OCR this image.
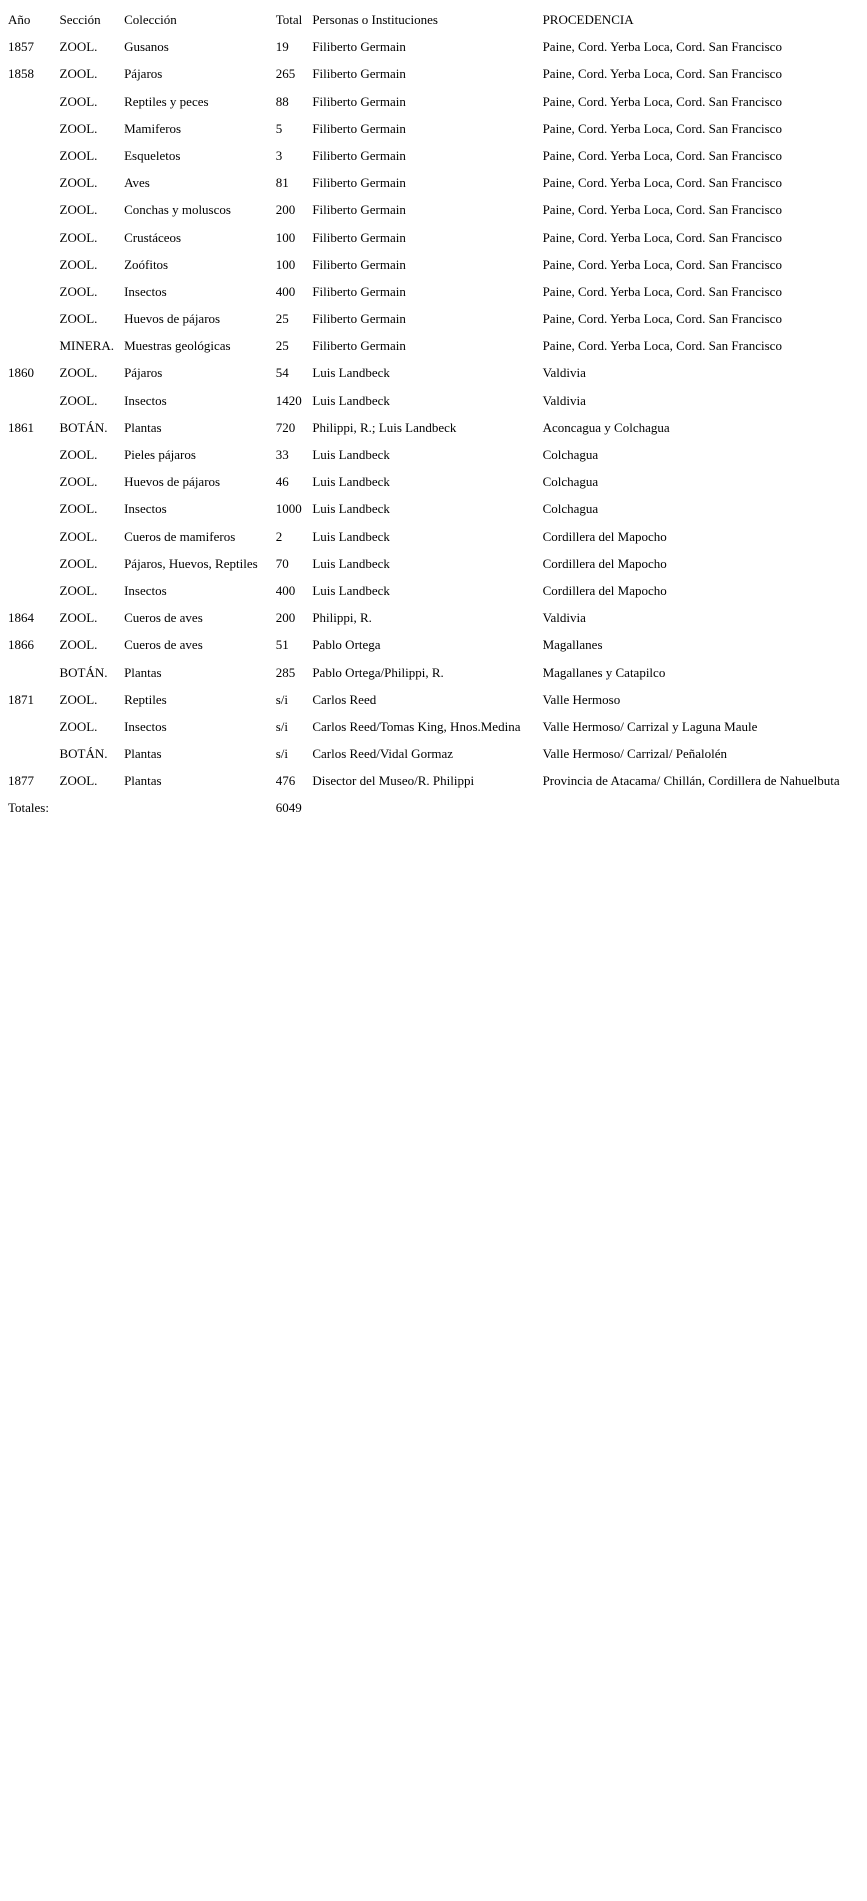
Año	Sección	Colección	Total	Personas o Instituciones	PROCEDENCIA
1857	ZOOL.	Gusanos	19	Filiberto Germain	Paine, Cord. Yerba Loca, Cord. San Francisco
1858	ZOOL.	Pájaros	265	Filiberto Germain	Paine, Cord. Yerba Loca, Cord. San Francisco
	ZOOL.	Reptiles y peces	88	Filiberto Germain	Paine, Cord. Yerba Loca, Cord. San Francisco
	ZOOL.	Mamiferos	5	Filiberto Germain	Paine, Cord. Yerba Loca, Cord. San Francisco
	ZOOL.	Esqueletos	3	Filiberto Germain	Paine, Cord. Yerba Loca, Cord. San Francisco
	ZOOL.	Aves	81	Filiberto Germain	Paine, Cord. Yerba Loca, Cord. San Francisco
	ZOOL.	Conchas y moluscos	200	Filiberto Germain	Paine, Cord. Yerba Loca, Cord. San Francisco
	ZOOL.	Crustáceos	100	Filiberto Germain	Paine, Cord. Yerba Loca, Cord. San Francisco
	ZOOL.	Zoófitos	100	Filiberto Germain	Paine, Cord. Yerba Loca, Cord. San Francisco
	ZOOL.	Insectos	400	Filiberto Germain	Paine, Cord. Yerba Loca, Cord. San Francisco
	ZOOL.	Huevos de pájaros	25	Filiberto Germain	Paine, Cord. Yerba Loca, Cord. San Francisco
	MINERA.	Muestras geológicas	25	Filiberto Germain	Paine, Cord. Yerba Loca, Cord. San Francisco
1860	ZOOL.	Pájaros	54	Luis Landbeck	Valdivia
	ZOOL.	Insectos	1420	Luis Landbeck	Valdivia
1861	BOTÁN.	Plantas	720	Philippi, R.; Luis Landbeck	Aconcagua y Colchagua
	ZOOL.	Pieles pájaros	33	Luis Landbeck	Colchagua
	ZOOL.	Huevos de pájaros	46	Luis Landbeck	Colchagua
	ZOOL.	Insectos	1000	Luis Landbeck	Colchagua
	ZOOL.	Cueros de mamiferos	2	Luis Landbeck	Cordillera del Mapocho
	ZOOL.	Pájaros, Huevos, Reptiles	70	Luis Landbeck	Cordillera del Mapocho
	ZOOL.	Insectos	400	Luis Landbeck	Cordillera del Mapocho
1864	ZOOL.	Cueros de aves	200	Philippi, R.	Valdivia
1866	ZOOL.	Cueros de aves	51	Pablo Ortega	Magallanes
	BOTÁN.	Plantas	285	Pablo Ortega/Philippi, R.	Magallanes y Catapilco
1871	ZOOL.	Reptiles	s/i	Carlos Reed	Valle Hermoso
	ZOOL.	Insectos	s/i	Carlos Reed/Tomas King, Hnos.Medina	Valle Hermoso/ Carrizal y Laguna Maule
	BOTÁN.	Plantas	s/i	Carlos Reed/Vidal Gormaz	Valle Hermoso/ Carrizal/ Peñalolén
1877	ZOOL.	Plantas	476	Disector del Museo/R. Philippi	Provincia de Atacama/ Chillán, Cordillera de Nahuelbuta
Totales:			6049		
